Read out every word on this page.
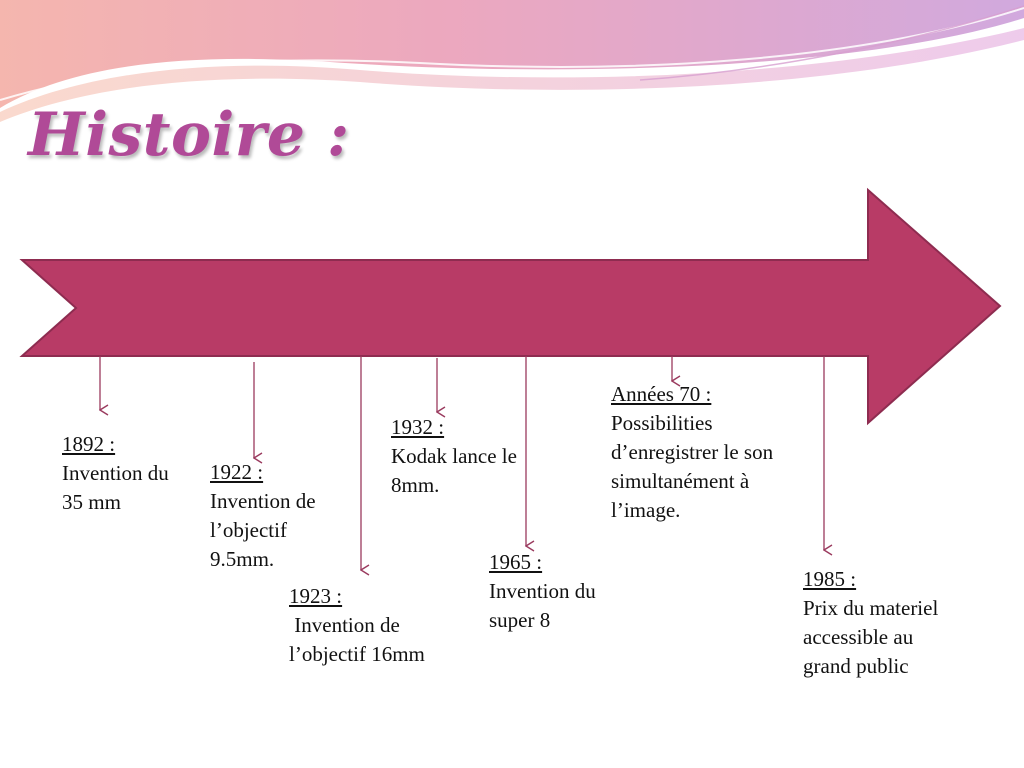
Histoire :
1892 :
Invention du 35 mm
1922 :
Invention de l’objectif 9.5mm.
1923 :
Invention de l’objectif 16mm
1932 :
Kodak lance le 8mm.
1965 :
Invention du super 8
Années 70 :
Possibilities d’enregistrer le son simultanément à l’image.
1985 :
Prix du materiel accessible au grand public
